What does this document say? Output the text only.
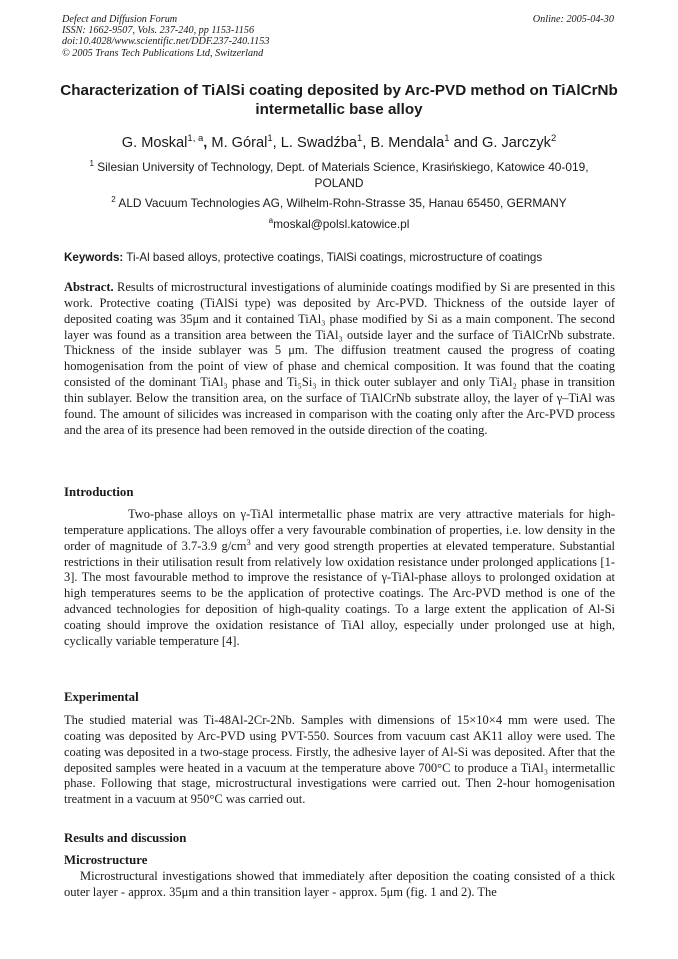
Defect and Diffusion Forum
ISSN: 1662-9507, Vols. 237-240, pp 1153-1156
doi:10.4028/www.scientific.net/DDF.237-240.1153
© 2005 Trans Tech Publications Ltd, Switzerland
Online: 2005-04-30
Characterization of TiAlSi coating deposited by Arc-PVD method on TiAlCrNb intermetallic base alloy
G. Moskal$^{1, a}$, M. Góral$^1$, L. Swadźba$^1$, B. Mendala$^1$ and G. Jarczyk$^2$
$^1$ Silesian University of Technology, Dept. of Materials Science, Krasińskiego, Katowice 40-019, POLAND
$^2$ ALD Vacuum Technologies AG, Wilhelm-Rohn-Strasse 35, Hanau 65450, GERMANY
$^a$moskal@polsl.katowice.pl
Keywords: Ti-Al based alloys, protective coatings, TiAlSi coatings, microstructure of coatings

Abstract. Results of microstructural investigations of aluminide coatings modified by Si are presented in this work. Protective coating (TiAlSi type) was deposited by Arc-PVD. Thickness of the outside layer of deposited coating was 35μm and it contained TiAl₃ phase modified by Si as a main component. The second layer was found as a transition area between the TiAl₃ outside layer and the surface of TiAlCrNb substrate. Thickness of the inside sublayer was 5 μm. The diffusion treatment caused the progress of coating homogenisation from the point of view of phase and chemical composition. It was found that the coating consisted of the dominant TiAl₃ phase and Ti₅Si₃ in thick outer sublayer and only TiAl₂ phase in transition thin sublayer. Below the transition area, on the surface of TiAlCrNb substrate alloy, the layer of γ–TiAl was found. The amount of silicides was increased in comparison with the coating only after the Arc-PVD process and the area of its presence had been removed in the outside direction of the coating.

Introduction

Two-phase alloys on γ-TiAl intermetallic phase matrix are very attractive materials for high-temperature applications. The alloys offer a very favourable combination of properties, i.e. low density in the order of magnitude of 3.7-3.9 $g/cm^3$ and very good strength properties at elevated temperature. Substantial restrictions in their utilisation result from relatively low oxidation resistance under prolonged applications [1-3]. The most favourable method to improve the resistance of γ-TiAl-phase alloys to prolonged oxidation at high temperatures seems to be the application of protective coatings. The Arc-PVD method is one of the advanced technologies for deposition of high-quality coatings. To a large extent the application of Al-Si coating should improve the oxidation resistance of TiAl alloy, especially under prolonged use at high, cyclically variable temperature [4].

Experimental

The studied material was Ti-48Al-2Cr-2Nb. Samples with dimensions of 15×10×4 mm were used. The coating was deposited by Arc-PVD using PVT-550. Sources from vacuum cast AK11 alloy were used. The coating was deposited in a two-stage process. Firstly, the adhesive layer of Al-Si was deposited. After that the deposited samples were heated in a vacuum at the temperature above 700°C to produce a TiAl₃ intermetallic phase. Following that stage, microstructural investigations were carried out. Then 2-hour homogenisation treatment in a vacuum at 950°C was carried out.

Results and discussion
Microstructure

Microstructural investigations showed that immediately after deposition the coating consisted of a thick outer layer - approx. 35μm and a thin transition layer - approx. 5μm (fig. 1 and 2). The
